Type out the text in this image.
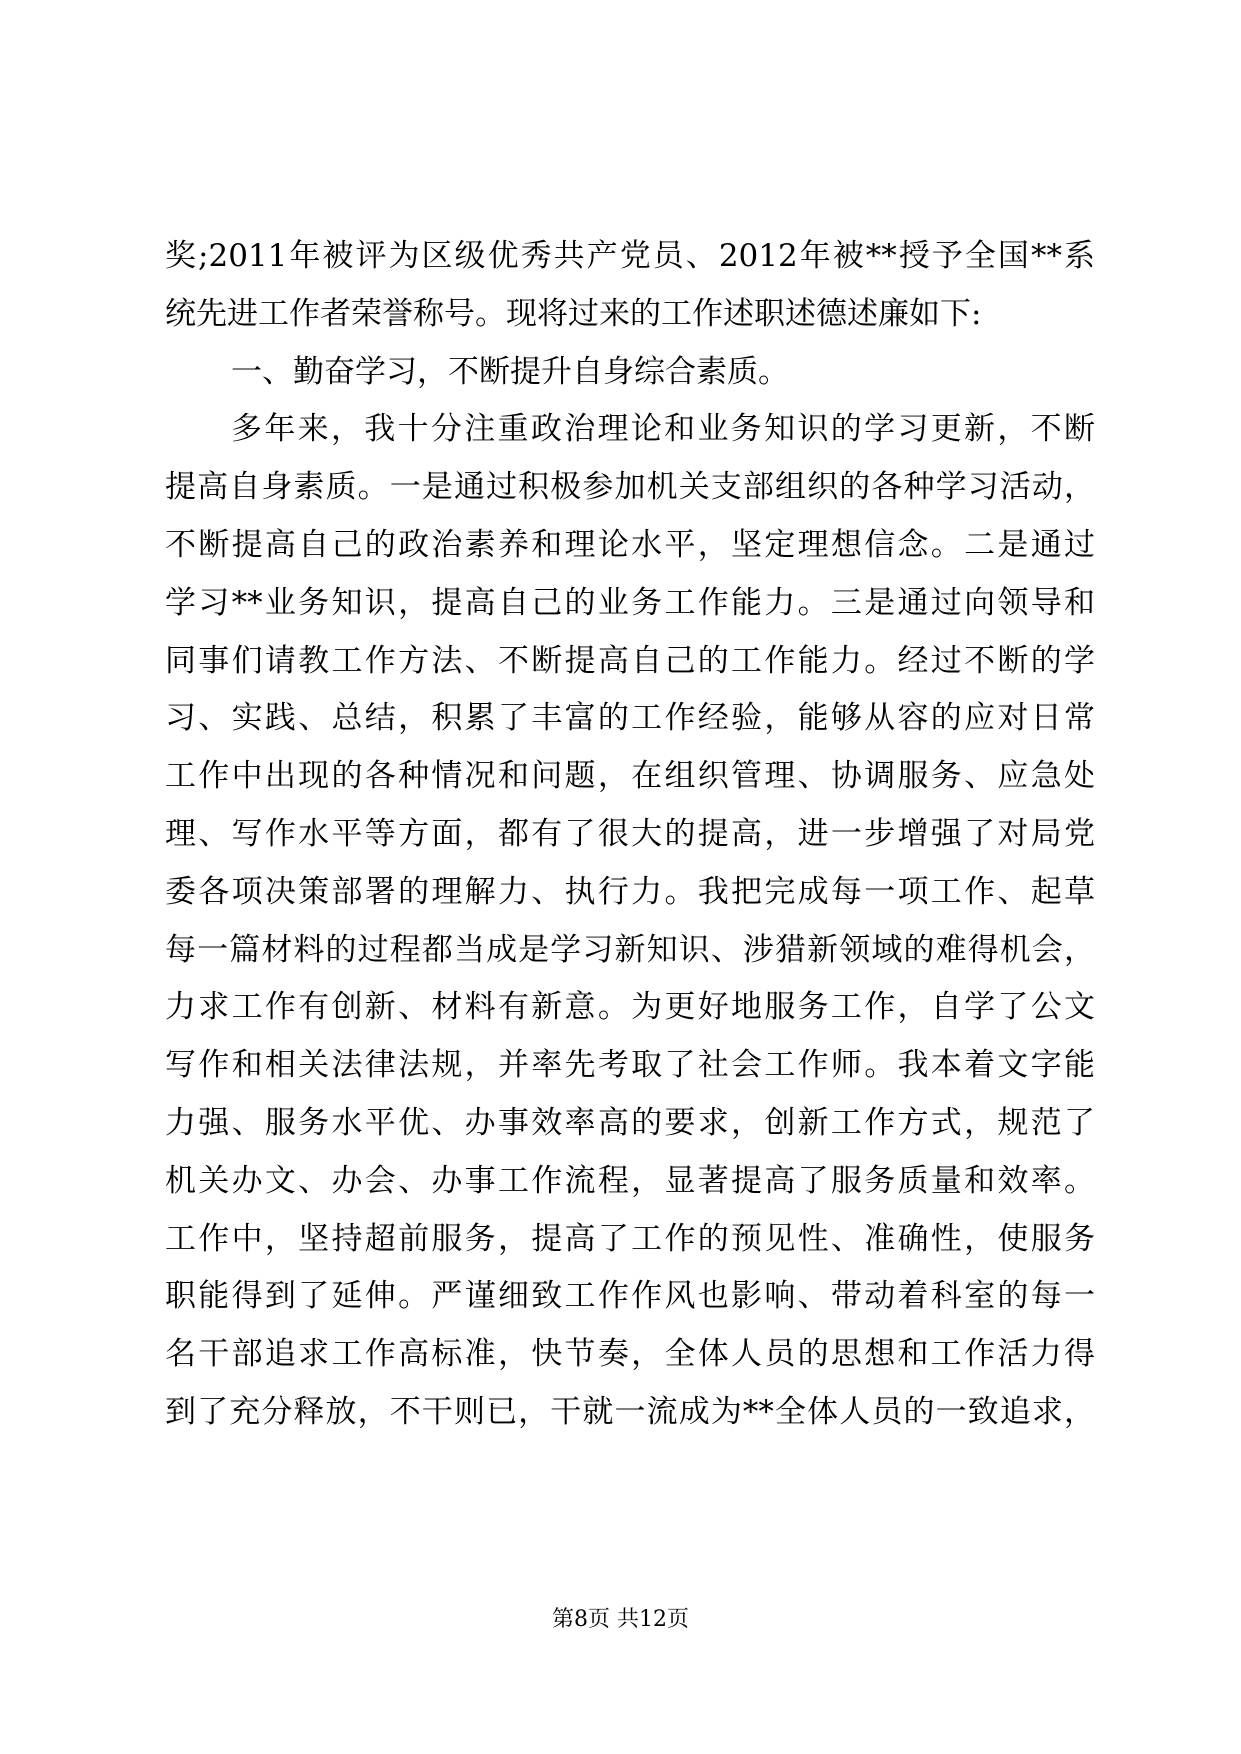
奖;2011年被评为区级优秀共产党员、2012年被**授予全国**系
统先进工作者荣誉称号。现将过来的工作述职述德述廉如下:
一、勤奋学习，不断提升自身综合素质。
多年来，我十分注重政治理论和业务知识的学习更新，不断
提高自身素质。一是通过积极参加机关支部组织的各种学习活动，
不断提高自己的政治素养和理论水平，坚定理想信念。二是通过
学习**业务知识，提高自己的业务工作能力。三是通过向领导和
同事们请教工作方法、不断提高自己的工作能力。经过不断的学
习、实践、总结，积累了丰富的工作经验，能够从容的应对日常
工作中出现的各种情况和问题，在组织管理、协调服务、应急处
理、写作水平等方面，都有了很大的提高，进一步增强了对局党
委各项决策部署的理解力、执行力。我把完成每一项工作、起草
每一篇材料的过程都当成是学习新知识、涉猎新领域的难得机会，
力求工作有创新、材料有新意。为更好地服务工作，自学了公文
写作和相关法律法规，并率先考取了社会工作师。我本着文字能
力强、服务水平优、办事效率高的要求，创新工作方式，规范了
机关办文、办会、办事工作流程，显著提高了服务质量和效率。
工作中，坚持超前服务，提高了工作的预见性、准确性，使服务
职能得到了延伸。严谨细致工作作风也影响、带动着科室的每一
名干部追求工作高标准，快节奏，全体人员的思想和工作活力得
到了充分释放，不干则已，干就一流成为**全体人员的一致追求，
第8页 共12页
